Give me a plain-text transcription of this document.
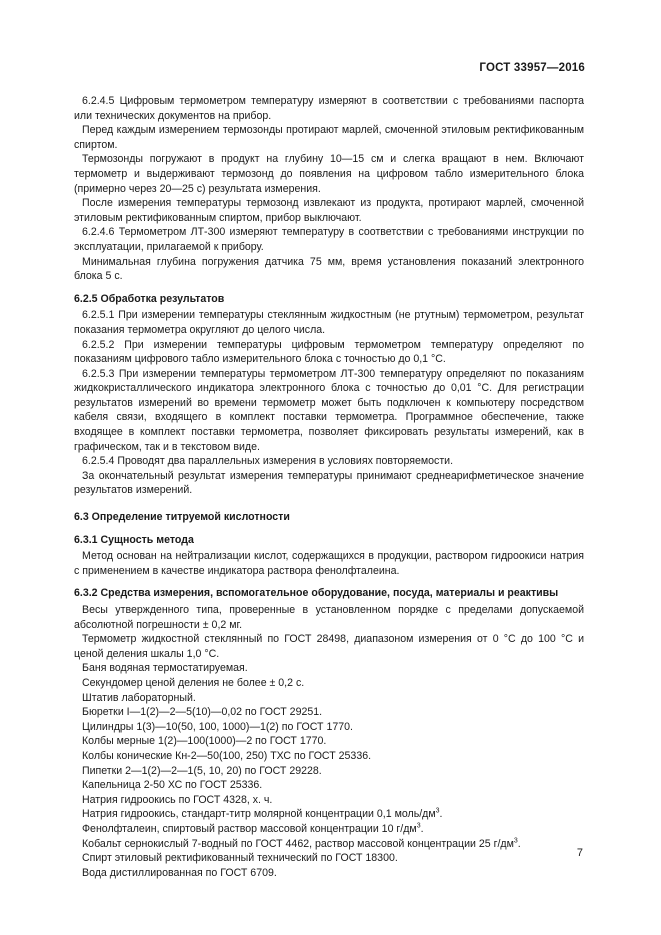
ГОСТ 33957—2016

6.2.4.5 Цифровым термометром температуру измеряют в соответствии с требованиями паспорта или технических документов на прибор.

Перед каждым измерением термозонды протирают марлей, смоченной этиловым ректификованным спиртом.

Термозонды погружают в продукт на глубину 10—15 см и слегка вращают в нем. Включают термометр и выдерживают термозонд до появления на цифровом табло измерительного блока (примерно через 20—25 с) результата измерения.

После измерения температуры термозонд извлекают из продукта, протирают марлей, смоченной этиловым ректификованным спиртом, прибор выключают.

6.2.4.6 Термометром ЛТ-300 измеряют температуру в соответствии с требованиями инструкции по эксплуатации, прилагаемой к прибору.

Минимальная глубина погружения датчика 75 мм, время установления показаний электронного блока 5 с.

6.2.5 Обработка результатов

6.2.5.1 При измерении температуры стеклянным жидкостным (не ртутным) термометром, результат показания термометра округляют до целого числа.

6.2.5.2 При измерении температуры цифровым термометром температуру определяют по показаниям цифрового табло измерительного блока с точностью до 0,1 °С.

6.2.5.3 При измерении температуры термометром ЛТ-300 температуру определяют по показаниям жидкокристаллического индикатора электронного блока с точностью до 0,01 °С. Для регистрации результатов измерений во времени термометр может быть подключен к компьютеру посредством кабеля связи, входящего в комплект поставки термометра. Программное обеспечение, также входящее в комплект поставки термометра, позволяет фиксировать результаты измерений, как в графическом, так и в текстовом виде.

6.2.5.4 Проводят два параллельных измерения в условиях повторяемости.

За окончательный результат измерения температуры принимают среднеарифметическое значение результатов измерений.

6.3 Определение титруемой кислотности

6.3.1 Сущность метода

Метод основан на нейтрализации кислот, содержащихся в продукции, раствором гидроокиси натрия с применением в качестве индикатора раствора фенолфталеина.

6.3.2 Средства измерения, вспомогательное оборудование, посуда, материалы и реактивы

Весы утвержденного типа, проверенные в установленном порядке с пределами допускаемой абсолютной погрешности ± 0,2 мг.

Термометр жидкостной стеклянный по ГОСТ 28498, диапазоном измерения от 0 °С до 100 °С и ценой деления шкалы 1,0 °С.

Баня водяная термостатируемая.

Секундомер ценой деления не более ± 0,2 с.

Штатив лабораторный.

Бюретки I—1(2)—2—5(10)—0,02 по ГОСТ 29251.

Цилиндры 1(3)—10(50, 100, 1000)—1(2) по ГОСТ 1770.

Колбы мерные 1(2)—100(1000)—2 по ГОСТ 1770.

Колбы конические Кн-2—50(100, 250) ТХС по ГОСТ 25336.

Пипетки 2—1(2)—2—1(5, 10, 20) по ГОСТ 29228.

Капельница 2-50 ХС по ГОСТ 25336.

Натрия гидроокись по ГОСТ 4328, х. ч.

Натрия гидроокись, стандарт-титр молярной концентрации 0,1 моль/$дм^3$.

Фенолфталеин, спиртовый раствор массовой концентрации 10 $г/дм^3$.

Кобальт сернокислый 7-водный по ГОСТ 4462, раствор массовой концентрации 25 $г/дм^3$.

Спирт этиловый ректификованный технический по ГОСТ 18300.

Вода дистиллированная по ГОСТ 6709.

7
